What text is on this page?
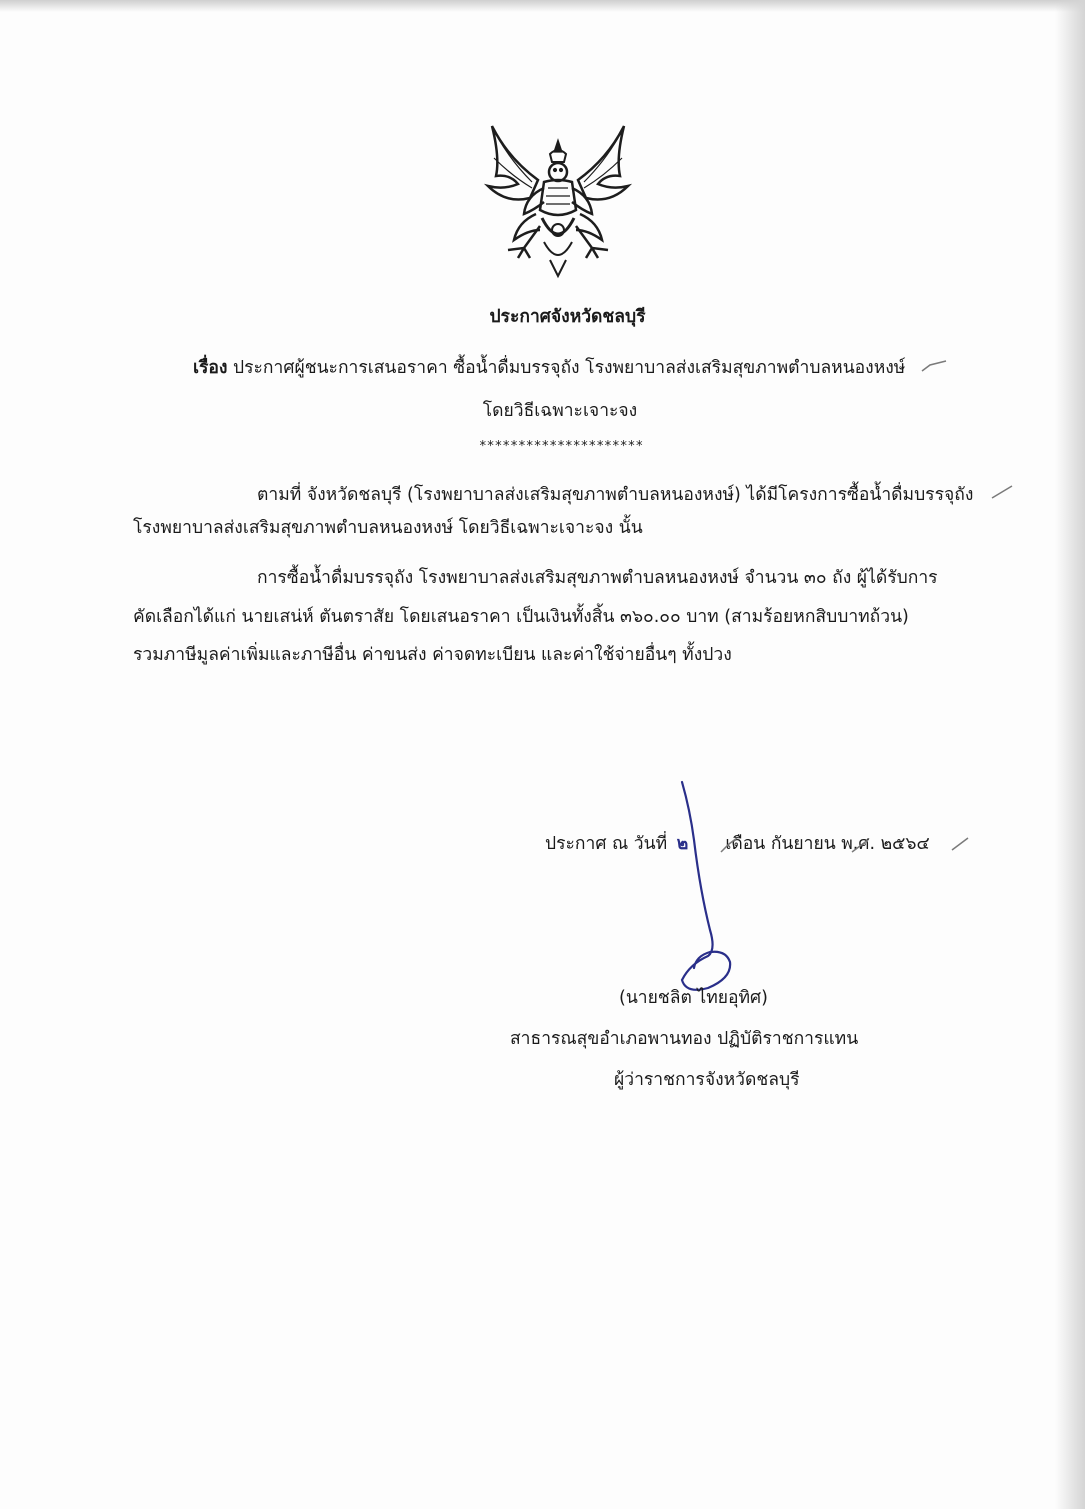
ประกาศจังหวัดชลบุรี
เรื่อง ประกาศผู้ชนะการเสนอราคา ซื้อน้ำดื่มบรรจุถัง โรงพยาบาลส่งเสริมสุขภาพตำบลหนองหงษ์
โดยวิธีเฉพาะเจาะจง
*********************
ตามที่ จังหวัดชลบุรี (โรงพยาบาลส่งเสริมสุขภาพตำบลหนองหงษ์) ได้มีโครงการซื้อน้ำดื่มบรรจุถัง
โรงพยาบาลส่งเสริมสุขภาพตำบลหนองหงษ์ โดยวิธีเฉพาะเจาะจง นั้น
การซื้อน้ำดื่มบรรจุถัง โรงพยาบาลส่งเสริมสุขภาพตำบลหนองหงษ์ จำนวน ๓๐ ถัง ผู้ได้รับการ
คัดเลือกได้แก่ นายเสน่ห์ ตันตราสัย โดยเสนอราคา เป็นเงินทั้งสิ้น ๓๖๐.๐๐ บาท (สามร้อยหกสิบบาทถ้วน)
รวมภาษีมูลค่าเพิ่มและภาษีอื่น ค่าขนส่ง ค่าจดทะเบียน และค่าใช้จ่ายอื่นๆ ทั้งปวง
ประกาศ ณ วันที่ ๒ เดือน กันยายน พ.ศ. ๒๕๖๔
(นายชลิต ไทยอุทิศ)
สาธารณสุขอำเภอพานทอง ปฏิบัติราชการแทน
ผู้ว่าราชการจังหวัดชลบุรี
